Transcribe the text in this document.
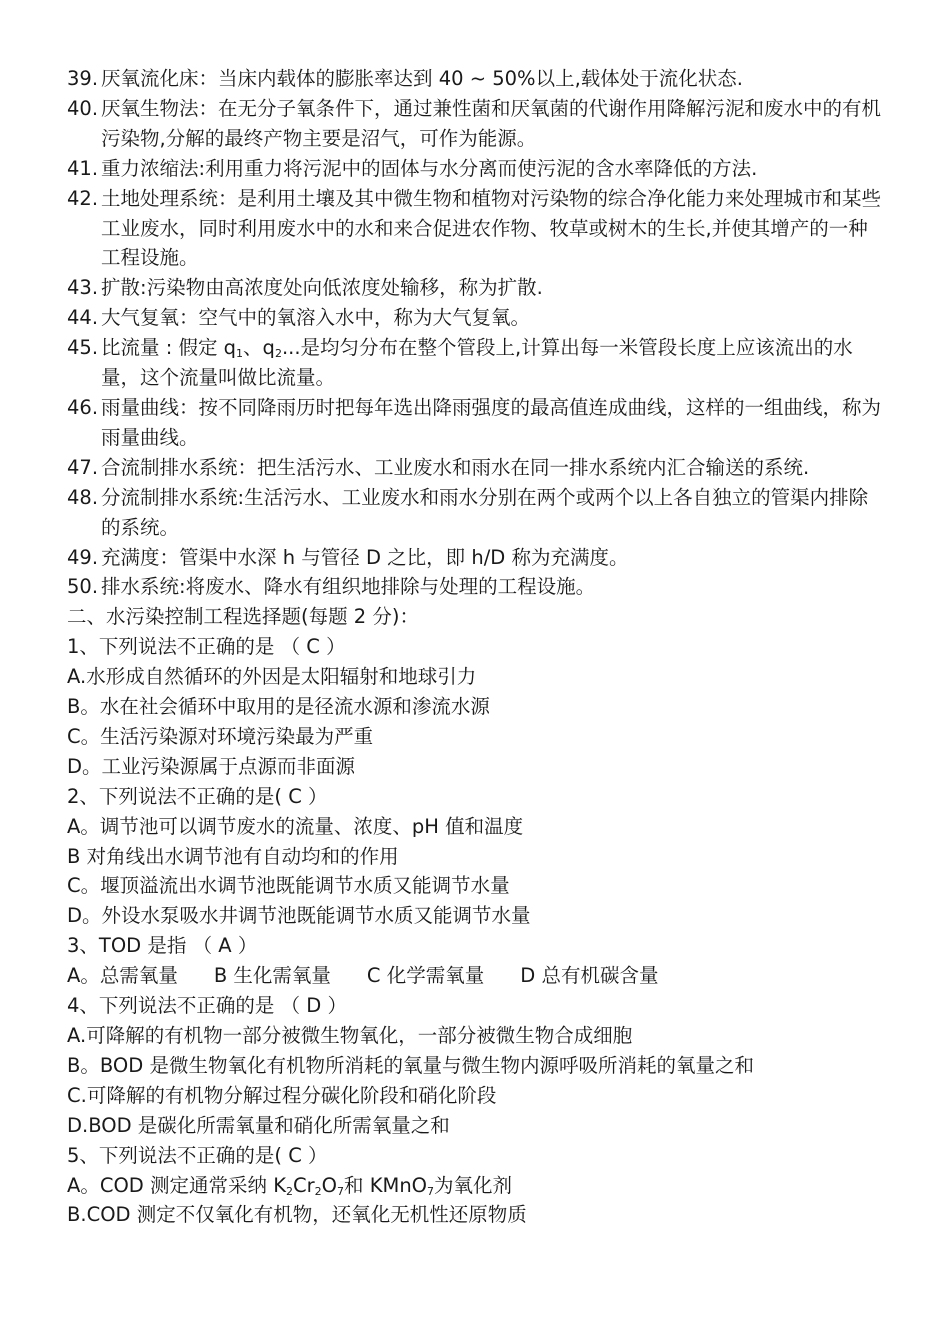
39. 厌氧流化床：当床内载体的膨胀率达到 40 ~ 50%以上,载体处于流化状态.
40. 厌氧生物法：在无分子氧条件下，通过兼性菌和厌氧菌的代谢作用降解污泥和废水中的有机污染物,分解的最终产物主要是沼气，可作为能源。
41. 重力浓缩法:利用重力将污泥中的固体与水分离而使污泥的含水率降低的方法.
42. 土地处理系统：是利用土壤及其中微生物和植物对污染物的综合净化能力来处理城市和某些工业废水，同时利用废水中的水和来合促进农作物、牧草或树木的生长,并使其增产的一种工程设施。
43. 扩散:污染物由高浓度处向低浓度处输移，称为扩散.
44. 大气复氧：空气中的氧溶入水中，称为大气复氧。
45. 比流量 : 假定 $q_1$、$q_2$...是均匀分布在整个管段上,计算出每一米管段长度上应该流出的水量，这个流量叫做比流量。
46. 雨量曲线：按不同降雨历时把每年选出降雨强度的最高值连成曲线，这样的一组曲线，称为雨量曲线。
47. 合流制排水系统：把生活污水、工业废水和雨水在同一排水系统内汇合输送的系统.
48. 分流制排水系统:生活污水、工业废水和雨水分别在两个或两个以上各自独立的管渠内排除的系统。
49. 充满度：管渠中水深 h 与管径 D 之比，即 h/D 称为充满度。
50. 排水系统:将废水、降水有组织地排除与处理的工程设施。
二、水污染控制工程选择题(每题 2 分)：
1、下列说法不正确的是 （ C ）
A.水形成自然循环的外因是太阳辐射和地球引力
B。水在社会循环中取用的是径流水源和渗流水源
C。生活污染源对环境污染最为严重
D。工业污染源属于点源而非面源
2、下列说法不正确的是( C ）
A。调节池可以调节废水的流量、浓度、pH 值和温度
B 对角线出水调节池有自动均和的作用
C。堰顶溢流出水调节池既能调节水质又能调节水量
D。外设水泵吸水井调节池既能调节水质又能调节水量
3、TOD 是指 （ A ）
A。总需氧量 B 生化需氧量 C 化学需氧量 D 总有机碳含量
4、下列说法不正确的是 （ D ）
A.可降解的有机物一部分被微生物氧化，一部分被微生物合成细胞
B。BOD 是微生物氧化有机物所消耗的氧量与微生物内源呼吸所消耗的氧量之和
C.可降解的有机物分解过程分碳化阶段和硝化阶段
D.BOD 是碳化所需氧量和硝化所需氧量之和
5、下列说法不正确的是( C ）
A。COD 测定通常采纳 $K_2Cr_2O_7$和 KMnO$_7$为氧化剂
B.COD 测定不仅氧化有机物，还氧化无机性还原物质
